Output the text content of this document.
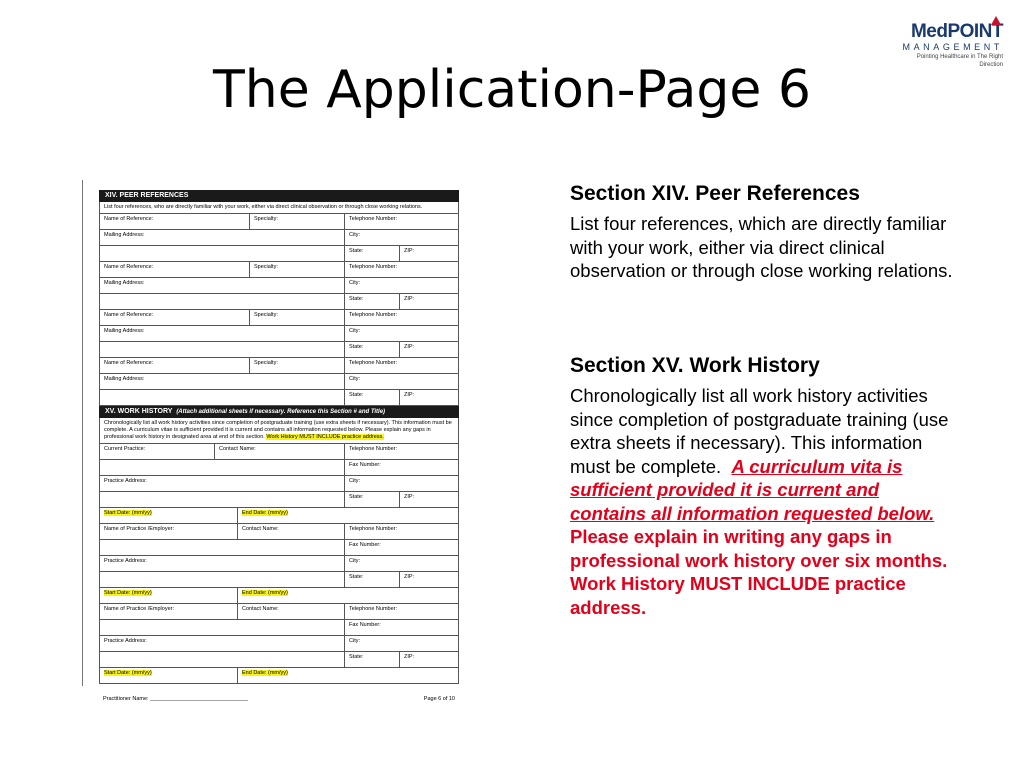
The Application-Page 6
MedPOINT
MANAGEMENT
Pointing Healthcare in The Right Direction
XIV. PEER REFERENCES
List four references, who are directly familiar with your work, either via direct clinical observation or through close working relations.
Name of Reference:	Specialty:	Telephone Number:
Mailing Address:	City:
State:	ZIP:
Name of Reference:	Specialty:	Telephone Number:
Mailing Address:	City:
State:	ZIP:
Name of Reference:	Specialty:	Telephone Number:
Mailing Address:	City:
State:	ZIP:
Name of Reference:	Specialty:	Telephone Number:
Mailing Address:	City:
State:	ZIP:
XV. WORK HISTORY (Attach additional sheets if necessary. Reference this Section # and Title)
Chronologically list all work history activities since completion of postgraduate training (use extra sheets if necessary). This information must be complete. A curriculum vitae is sufficient provided it is current and contains all information requested below. Please explain any gaps in professional work history in designated area at end of this section. Work History MUST INCLUDE practice address.
Current Practice:	Contact Name:	Telephone Number:
Fax Number:
Practice Address:	City:
State:	ZIP:
Start Date: (mm/yy)	End Date: (mm/yy)
Name of Practice /Employer:	Contact Name:	Telephone Number:
Fax Number:
Practice Address:	City:
State:	ZIP:
Start Date: (mm/yy)	End Date: (mm/yy)
Name of Practice /Employer:	Contact Name:	Telephone Number:
Fax Number:
Practice Address:	City:
State:	ZIP:
Start Date: (mm/yy)	End Date: (mm/yy)
Practitioner Name: ________________________________	Page 6 of 10

Section XIV. Peer References

List four references, which are directly familiar with your work, either via direct clinical observation or through close working relations.

Section XV. Work History

Chronologically list all work history activities since completion of postgraduate training (use extra sheets if necessary). This information must be complete. A curriculum vita is sufficient provided it is current and contains all information requested below.  Please explain in writing any gaps in professional work history over six months. Work History MUST INCLUDE practice address.
